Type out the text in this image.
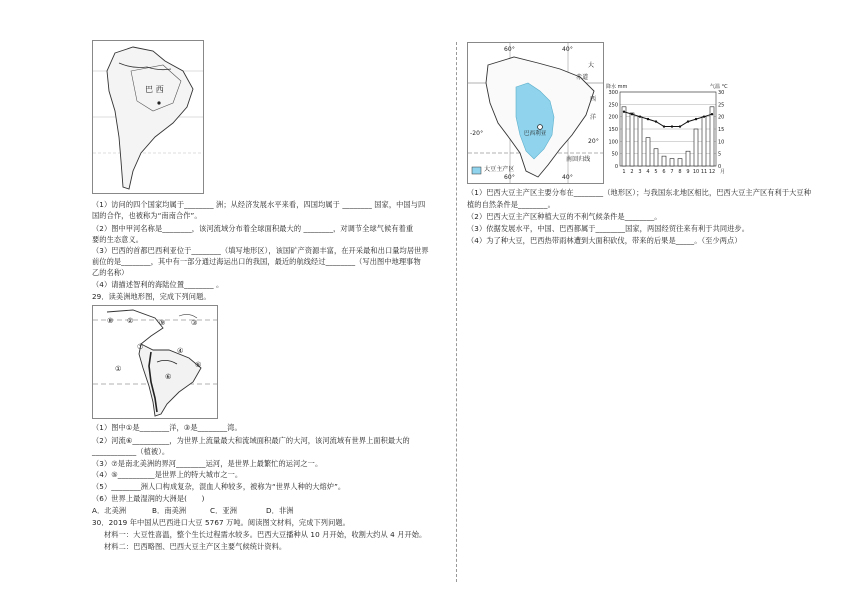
巴 西
（1）访问的四个国家均属于________ 洲；从经济发展水平来看，四国均属于 ________ 国家，中国与四
国的合作，也被称为“南南合作”。
（2）图中甲河名称是________，该河流域分布着全球面积最大的 ________，对调节全球气候有着重
要的生态意义。
（3）巴西的首都巴西利亚位于________（填写地形区），该国矿产资源丰富，在开采最和出口量均居世界
前位的是________，其中有一部分通过海运出口的我国，最近的航线经过________（写出图中地理事物
乙的名称）
（4）请描述智利的海陆位置________ 。
29．读美洲地形图，完成下列问题。
⑧ ②	⑨	③
⑦	④
①
⑥
⑤
（1）图中①是________洋，③是________湾。
（2）河流⑥__________，为世界上流量最大和流域面积最广的大河，该河流域有世界上面积最大的
____________（植被）。
（3）⑦是南北美洲的界河________运河，是世界上最繁忙的运河之一。
（4）⑤__________是世界上的特大城市之一。
（5）________洲人口构成复杂，混血人种较多，被称为“世界人种的大熔炉”。
（6）世界上最湿润的大洲是(　　)
A．北美洲	B．南美洲	C．亚洲	D．非洲
30．2019 年中国从巴西进口大豆 5767 万吨。阅读图文材料，完成下列问题。
材料一：大豆性喜温，整个生长过程需水较多。巴西大豆播种从 10 月开始，收割大约从 4 月开始。
材料二：巴西略图、巴西大豆主产区主要气候统计资料。
60°	40°
大
赤道
西
洋
-20°
20°
巴西利亚
南回归线
大豆主产区
60°	40°
0
50
100
150
200
250
300
0
5
10
15
20
25
30
1 2 3 4 5 6 7 8 9 10 11 12 月
降水 mm	气温 °C
（1）巴西大豆主产区主要分布在________（地形区）；与我国东北地区相比，巴西大豆主产区有利于大豆种
植的自然条件是________。
（2）巴西大豆主产区种植大豆的不利气候条件是________。
（3）依据发展水平，中国、巴西都属于________国家，两国经贸往来有利于共同进步。
（4）为了种大豆，巴西热带雨林遭到大面积砍伐，带来的后果是_____。（至少两点）
